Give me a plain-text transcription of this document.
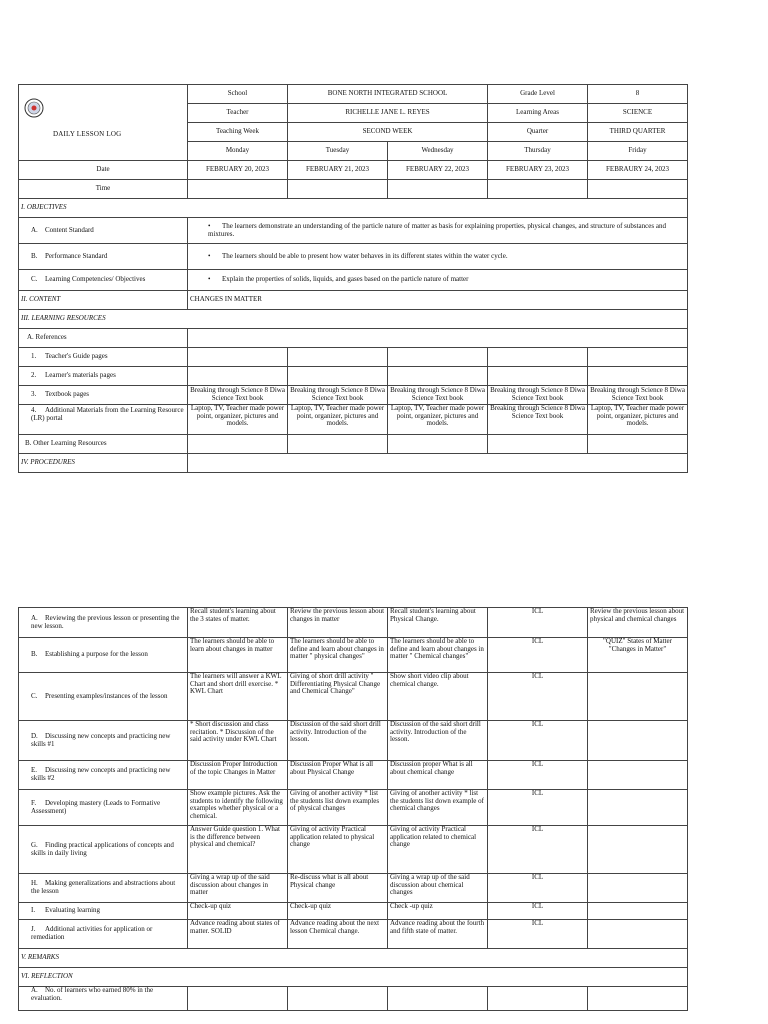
DAILY LESSON LOG	School	BONE NORTH INTEGRATED SCHOOL		Grade Level	8
	Teacher	RICHELLE JANE L. REYES		Learning Areas	SCIENCE
	Teaching Week	SECOND WEEK		Quarter	THIRD QUARTER
	Monday	Tuesday	Wednesday	Thursday	Friday
Date	FEBRUARY 20, 2023	FEBRUARY 21, 2023	FEBRUARY 22, 2023	FEBRUARY 23, 2023	FEBRAURY 24, 2023
Time					
I. OBJECTIVES					
A. Content Standard	• The learners demonstrate an understanding of the particle nature of matter as basis for explaining properties, physical changes, and structure of substances and mixtures.				
B. Performance Standard	• The learners should be able to present how water behaves in its different states within the water cycle.				
C. Learning Competencies/ Objectives	• Explain the properties of solids, liquids, and gases based on the particle nature of matter				
II. CONTENT	CHANGES IN MATTER				
III. LEARNING RESOURCES					
A. References					
1. Teacher's Guide pages					
2. Learner's materials pages					
3. Textbook pages	Breaking through Science 8 Diwa Science Text book	Breaking through Science 8 Diwa Science Text book	Breaking through Science 8 Diwa Science Text book	Breaking through Science 8 Diwa Science Text book	Breaking through Science 8 Diwa Science Text book
4. Additional Materials from the Learning Resource (LR) portal	Laptop, TV, Teacher made power point, organizer, pictures and models.	Laptop, TV, Teacher made power point, organizer, pictures and models.	Laptop, TV, Teacher made power point, organizer, pictures and models.	Breaking through Science 8 Diwa Science Text book	Laptop, TV, Teacher made power point, organizer, pictures and models.
B. Other Learning Resources					
IV. PROCEDURES					
A. Reviewing the previous lesson or presenting the new lesson.	Recall student's learning about the 3 states of matter.	Review the previous lesson about changes in matter	Recall student's learning about Physical Change.	ICL	Review the previous lesson about physical and chemical changes
B. Establishing a purpose for the lesson	The learners should be able to learn about changes in matter	The learners should be able to define and learn about changes in matter " physical changes"	The learners should be able to define and learn about changes in matter " Chemical changes"	ICL	"QUIZ" States of Matter "Changes in Matter"
C. Presenting examples/instances of the lesson	The learners will answer a KWL Chart and short drill exercise. * KWL Chart	Giving of short drill activity " Differentiating Physical Change and Chemical Change"	Show short video clip about chemical change.	ICL	
D. Discussing new concepts and practicing new skills #1	* Short discussion and class recitation. * Discussion of the said activity under KWL Chart	Discussion of the said short drill activity. Introduction of the lesson.	Discussion of the said short drill activity. Introduction of the lesson.	ICL	
E. Discussing new concepts and practicing new skills #2	Discussion Proper Introduction of the topic Changes in Matter	Discussion Proper What is all about Physical Change	Discussion proper What is all about chemical change	ICL	
F. Developing mastery (Leads to Formative Assessment)	Show example pictures. Ask the students to identify the following examples whether physical or a chemical.	Giving of another activity * list the students list down examples of physical changes	Giving of another activity * list the students list down example of chemical changes	ICL	
G. Finding practical applications of concepts and skills in daily living	Answer Guide question 1. What is the difference between physical and chemical?	Giving of activity Practical application related to physical change	Giving of activity Practical application related to chemical change	ICL	
H. Making generalizations and abstractions about the lesson	Giving a wrap up of the said discussion about changes in matter	Re-discuss what is all about Physical change	Giving a wrap up of the said discussion about chemical changes	ICL	
I. Evaluating learning	Check-up quiz	Check-up quiz	Check -up quiz	ICL	
J. Additional activities for application or remediation	Advance reading about states of matter. SOLID	Advance reading about the next lesson Chemical change.	Advance reading about the fourth and fifth state of matter.	ICL	
V. REMARKS					
VI. REFLECTION					
A. No. of learners who earned 80% in the evaluation.					
